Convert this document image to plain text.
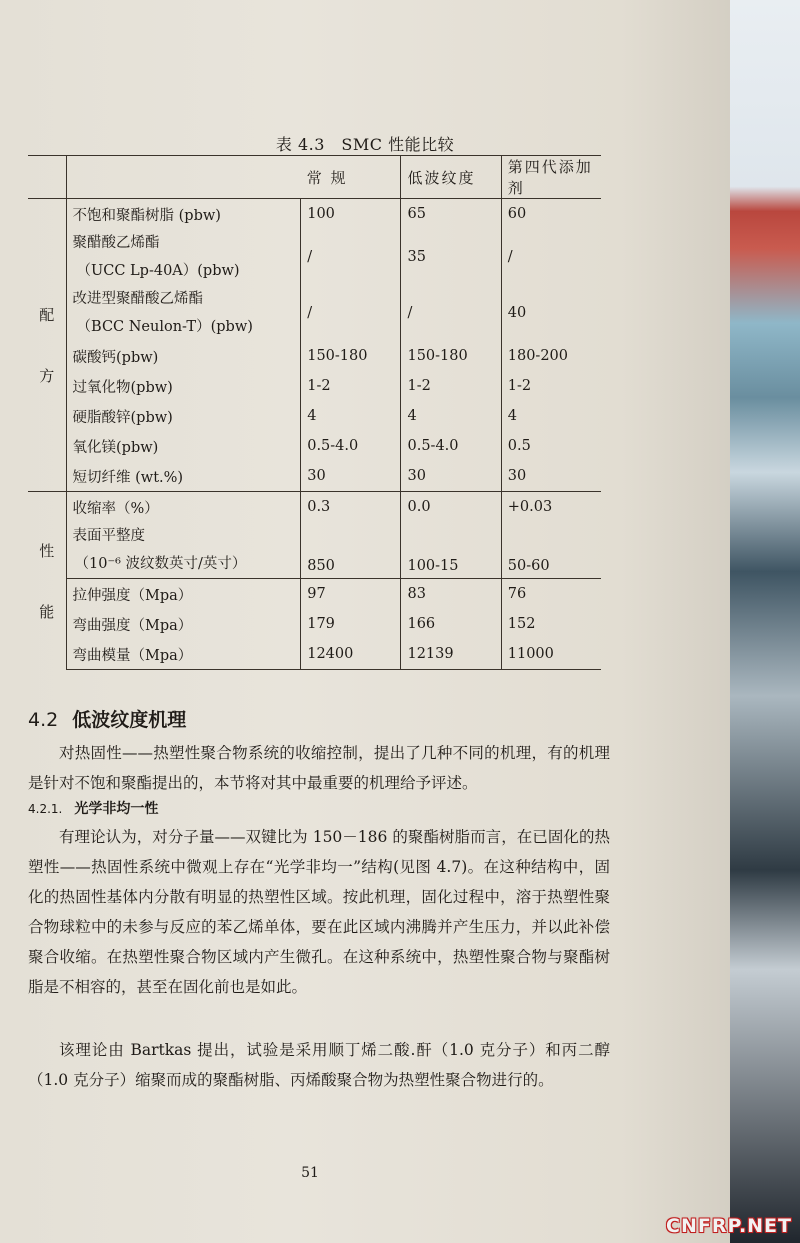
表 4.3　SMC 性能比较
		常 规	低波纹度	第四代添加剂

配
方	不饱和聚酯树脂 (pbw)	100	65	60

	聚醋酸乙烯酯
（UCC Lp-40A）(pbw)	/	35	/

	改进型聚醋酸乙烯酯
（BCC Neulon-T）(pbw)	/	/	40
	碳酸钙(pbw)	150-180	150-180	180-200
	过氧化物(pbw)	1-2	1-2	1-2
	硬脂酸锌(pbw)	4	4	4
	氧化镁(pbw)	0.5-4.0	0.5-4.0	0.5
	短切纤维 (wt.%)	30	30	30

性
能	收缩率（%）	0.3	0.0	+0.03

	表面平整度
（10⁻⁶ 波纹数英寸/英寸）	850	100-15	50-60
	拉伸强度（Mpa）	97	83	76
	弯曲强度（Mpa）	179	166	152
	弯曲模量（Mpa）	12400	12139	11000
4.2 低波纹度机理
对热固性——热塑性聚合物系统的收缩控制，提出了几种不同的机理，有的机理是针对不饱和聚酯提出的，本节将对其中最重要的机理给予评述。
4.2.1. 光学非均一性
有理论认为，对分子量——双键比为 150－186 的聚酯树脂而言，在已固化的热塑性——热固性系统中微观上存在“光学非均一”结构(见图 4.7)。在这种结构中，固化的热固性基体内分散有明显的热塑性区域。按此机理，固化过程中，溶于热塑性聚合物球粒中的未参与反应的苯乙烯单体，要在此区域内沸腾并产生压力，并以此补偿聚合收缩。在热塑性聚合物区域内产生微孔。在这种系统中，热塑性聚合物与聚酯树脂是不相容的，甚至在固化前也是如此。
该理论由 Bartkas 提出，试验是采用顺丁烯二酸.酐（1.0 克分子）和丙二醇（1.0 克分子）缩聚而成的聚酯树脂、丙烯酸聚合物为热塑性聚合物进行的。
51
CNFRP.NET
